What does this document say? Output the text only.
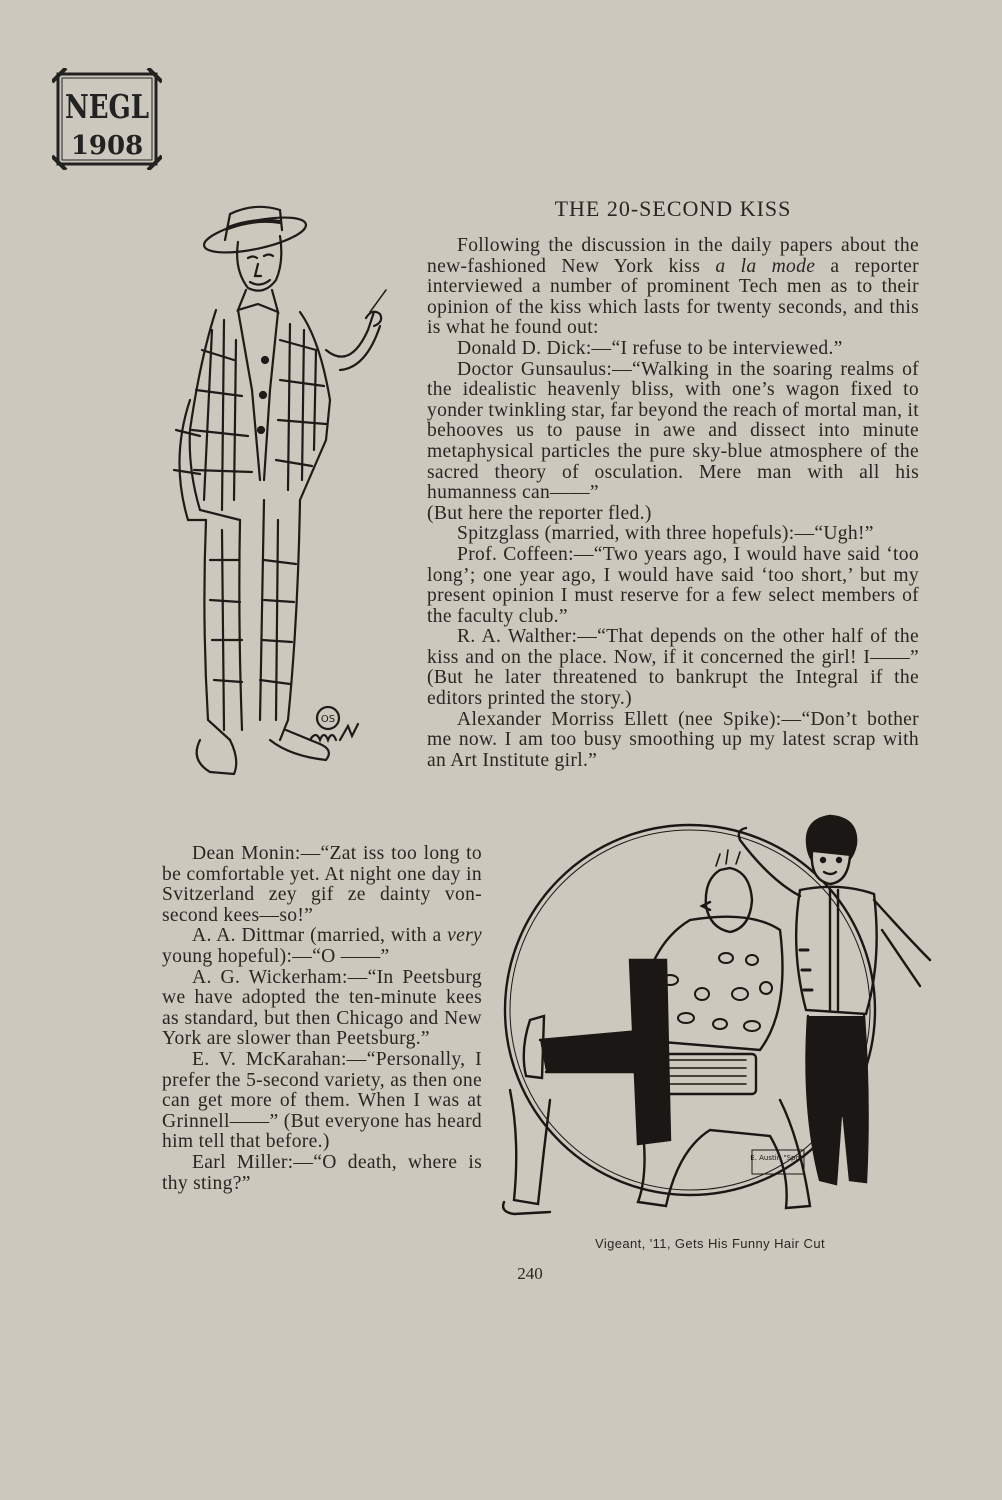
NEGL
1908
OS
THE 20-SECOND KISS

Following the discussion in the daily papers about the new-fashioned New York kiss a la mode a reporter interviewed a number of prominent Tech men as to their opinion of the kiss which lasts for twenty seconds, and this is what he found out:

Donald D. Dick:—“I refuse to be interviewed.”

Doctor Gunsaulus:—“Walking in the soaring realms of the idealistic heavenly bliss, with one’s wagon fixed to yonder twinkling star, far beyond the reach of mortal man, it behooves us to pause in awe and dissect into minute metaphysical particles the pure sky-blue atmosphere of the sacred theory of osculation. Mere man with all his humanness can——”

(But here the reporter fled.)

Spitzglass (married, with three hopefuls):—“Ugh!”

Prof. Coffeen:—“Two years ago, I would have said ‘too long’; one year ago, I would have said ‘too short,’ but my present opinion I must reserve for a few select members of the faculty club.”

R. A. Walther:—“That depends on the other half of the kiss and on the place. Now, if it concerned the girl! I——” (But he later threatened to bankrupt the Integral if the editors printed the story.)

Alexander Morriss Ellett (nee Spike):—“Don’t bother me now. I am too busy smoothing up my latest scrap with an Art Institute girl.”

Dean Monin:—“Zat iss too long to be comfortable yet. At night one day in Svitzerland zey gif ze dainty von-second kees—so!”

A. A. Dittmar (married, with a very young hopeful):—“O ——”

A. G. Wickerham:—“In Peetsburg we have adopted the ten-minute kees as standard, but then Chicago and New York are slower than Peetsburg.”

E. V. McKarahan:—“Personally, I prefer the 5-second variety, as then one can get more of them. When I was at Grinnell——” (But everyone has heard him tell that before.)

Earl Miller:—“O death, where is thy sting?”

E. Austin "Spot"
Vigeant, '11, Gets His Funny Hair Cut
240
